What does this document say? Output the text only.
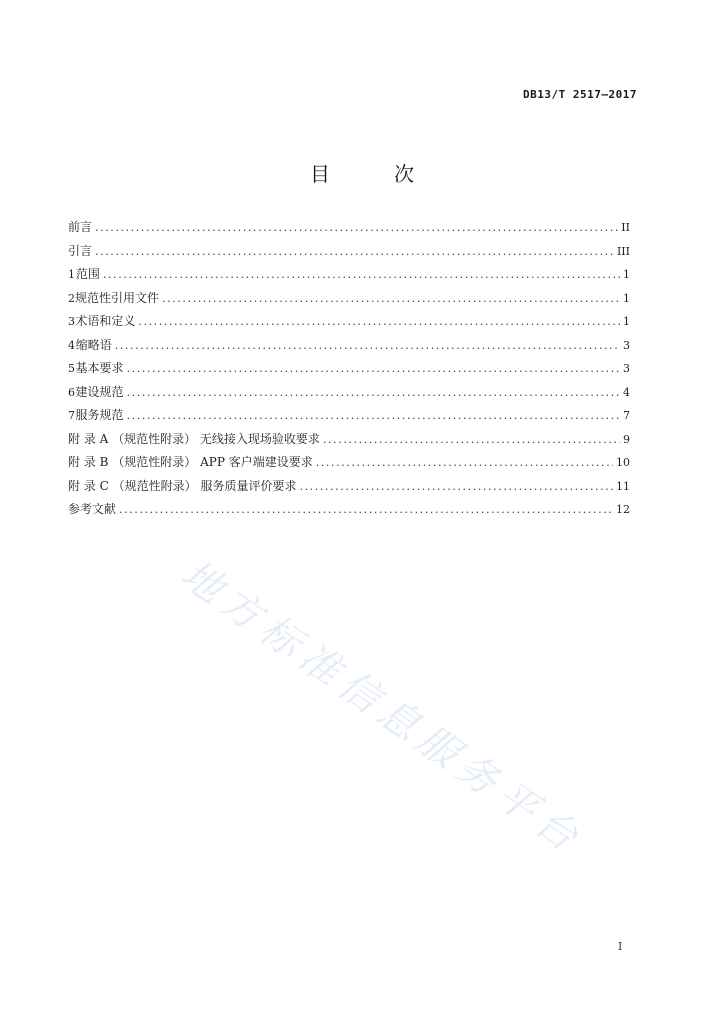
DB13/T 2517—2017
目　次
前言 .....	II
引言 .....	III
1 范围 .....	1
2 规范性引用文件 .....	1
3 术语和定义 .....	1
4 缩略语 .....	3
5 基本要求 .....	3
6 建设规范 .....	4
7 服务规范 .....	7
附 录 A （规范性附录） 无线接入现场验收要求 .....	9
附 录 B （规范性附录） APP 客户端建设要求 .....	10
附 录 C （规范性附录） 服务质量评价要求 .....	11
参考文献 .....	12
地方标准信息服务平台
I
